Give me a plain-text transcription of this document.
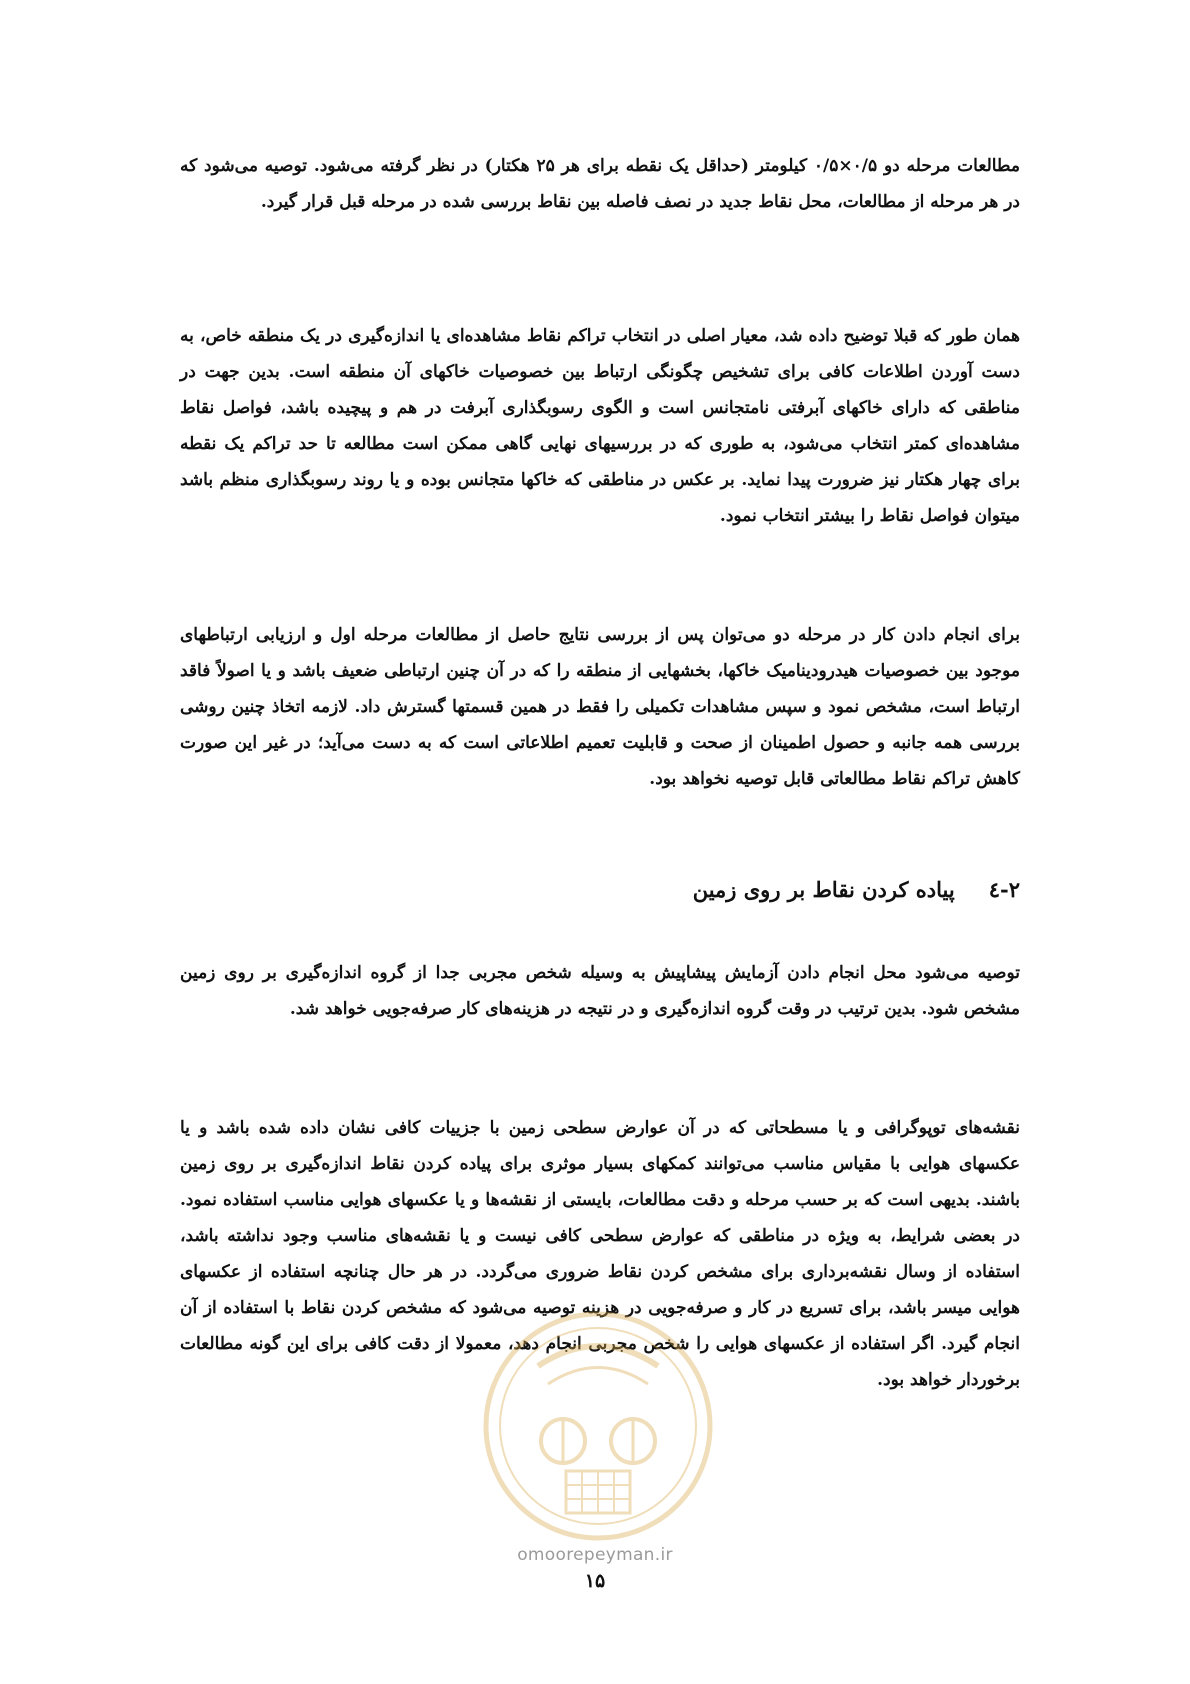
مطالعات مرحله دو ۰/۵×۰/۵ کیلومتر (حداقل یک نقطه برای هر ۲۵ هکتار) در نظر گرفته می‌شود. توصیه می‌شود که در هر مرحله از مطالعات، محل نقاط جدید در نصف فاصله بین نقاط بررسی شده در مرحله قبل قرار گیرد.

همان طور که قبلا توضیح داده شد، معیار اصلی در انتخاب تراکم نقاط مشاهده‌ای یا اندازه‌گیری در یک منطقه خاص، به دست آوردن اطلاعات کافی برای تشخیص چگونگی ارتباط بین خصوصیات خاکهای آن منطقه است. بدین جهت در مناطقی که دارای خاکهای آبرفتی نامتجانس است و الگوی رسوبگذاری آبرفت در هم و پیچیده باشد، فواصل نقاط مشاهده‌ای کمتر انتخاب می‌شود، به طوری که در بررسیهای نهایی گاهی ممکن است مطالعه تا حد تراکم یک نقطه برای چهار هکتار نیز ضرورت پیدا نماید. بر عکس در مناطقی که خاکها متجانس بوده و یا روند رسوبگذاری منظم باشد میتوان فواصل نقاط را بیشتر انتخاب نمود.

برای انجام دادن کار در مرحله دو می‌توان پس از بررسی نتایج حاصل از مطالعات مرحله اول و ارزیابی ارتباطهای موجود بین خصوصیات هیدرودینامیک خاکها، بخشهایی از منطقه را که در آن چنین ارتباطی ضعیف باشد و یا اصولاً فاقد ارتباط است، مشخص نمود و سپس مشاهدات تکمیلی را فقط در همین قسمتها گسترش داد. لازمه اتخاذ چنین روشی بررسی همه جانبه و حصول اطمینان از صحت و قابلیت تعمیم اطلاعاتی است که به دست می‌آید؛ در غیر این صورت کاهش تراکم نقاط مطالعاتی قابل توصیه نخواهد بود.

۲-٤پیاده کردن نقاط بر روی زمین

توصیه می‌شود محل انجام دادن آزمایش پیشاپیش به وسیله شخص مجربی جدا از گروه اندازه‌گیری بر روی زمین مشخص شود. بدین ترتیب در وقت گروه اندازه‌گیری و در نتیجه در هزینه‌های کار صرفه‌جویی خواهد شد.

نقشه‌های توپوگرافی و یا مسطحاتی که در آن عوارض سطحی زمین با جزییات کافی نشان داده شده باشد و یا عکسهای هوایی با مقیاس مناسب می‌توانند کمکهای بسیار موثری برای پیاده کردن نقاط اندازه‌گیری بر روی زمین باشند. بدیهی است که بر حسب مرحله و دقت مطالعات، بایستی از نقشه‌ها و یا عکسهای هوایی مناسب استفاده نمود. در بعضی شرایط، به ویژه در مناطقی که عوارض سطحی کافی نیست و یا نقشه‌های مناسب وجود نداشته باشد، استفاده از وسال نقشه‌برداری برای مشخص کردن نقاط ضروری می‌گردد. در هر حال چنانچه استفاده از عکسهای هوایی میسر باشد، برای تسریع در کار و صرفه‌جویی در هزینه توصیه می‌شود که مشخص کردن نقاط با استفاده از آن انجام گیرد. اگر استفاده از عکسهای هوایی را شخص مجربی انجام دهد، معمولا از دقت کافی برای این گونه مطالعات برخوردار خواهد بود.

omoorepeyman.ir
۱۵
